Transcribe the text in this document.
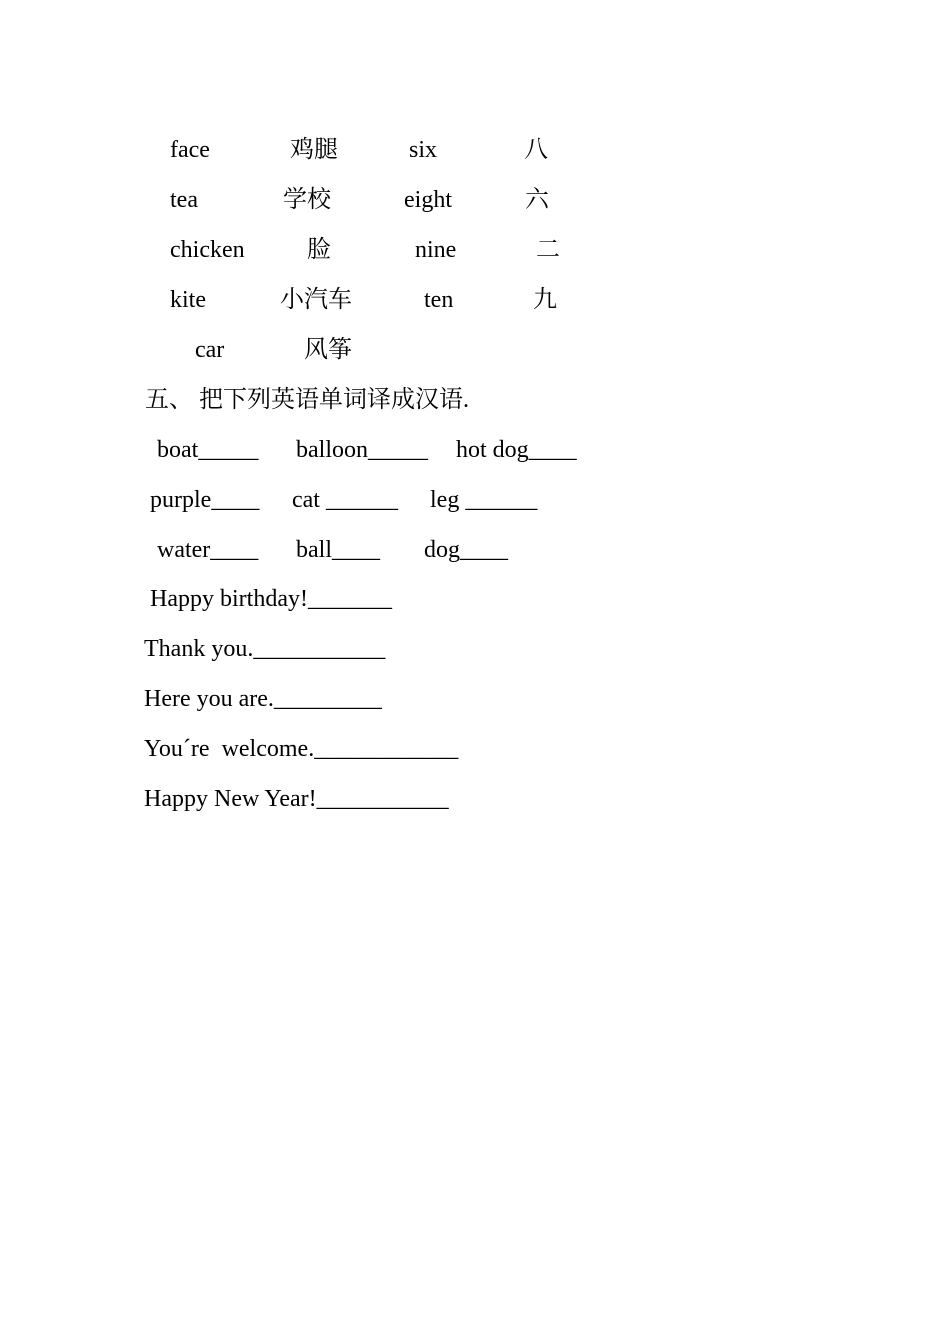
face	鸡腿	six	八
tea	学校	eight	六
chicken	脸	nine	二
kite	小汽车	ten	九
car	风筝
五、 把下列英语单词译成汉语.
boat_____ balloon_____ hot dog____
purple____ cat ______ leg ______
water____ ball____ dog____
Happy birthday!_______
Thank you.___________
Here you are._________
You´re  welcome.____________
Happy New Year!___________
